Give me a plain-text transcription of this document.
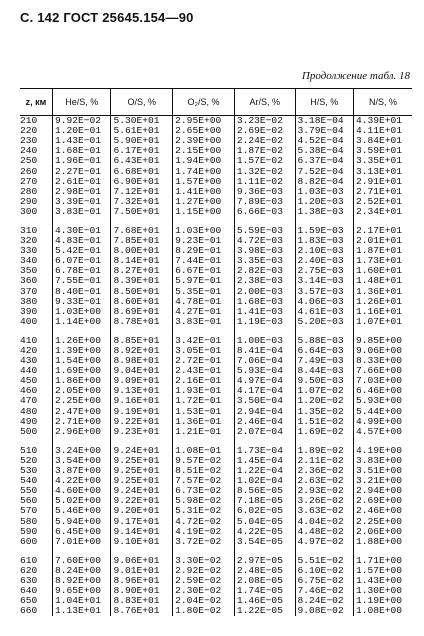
С. 142 ГОСТ 25645.154—90
Продолжение табл. 18
z, км	He/S, %	O/S, %	O₂/S, %	Ar/S, %	H/S, %	N/S, %
210	9.92E−02	5.30E+01	2.95E+00	3.23E−02	3.18E−04	4.39E+01
220	1.20E−01	5.61E+01	2.65E+00	2.69E−02	3.79E−04	4.11E+01
230	1.43E−01	5.90E+01	2.39E+00	2.24E−02	4.52E−04	3.84E+01
240	1.68E−01	6.17E+01	2.15E+00	1.87E−02	5.38E−04	3.59E+01
250	1.96E−01	6.43E+01	1.94E+00	1.57E−02	6.37E−04	3.35E+01
260	2.27E−01	6.68E+01	1.74E+00	1.32E−02	7.52E−04	3.13E+01
270	2.61E−01	6.90E+01	1.57E+00	1.11E−02	8.82E−04	2.91E+01
280	2.98E−01	7.12E+01	1.41E+00	9.36E−03	1.03E−03	2.71E+01
290	3.39E−01	7.32E+01	1.27E+00	7.89E−03	1.20E−03	2.52E+01
300	3.83E−01	7.50E+01	1.15E+00	6.66E−03	1.38E−03	2.34E+01

310	4.30E−01	7.68E+01	1.03E+00	5.59E−03	1.59E−03	2.17E+01
320	4.83E−01	7.85E+01	9.23E−01	4.72E−03	1.83E−03	2.01E+01
330	5.42E−01	8.00E+01	8.29E−01	3.98E−03	2.10E−03	1.87E+01
340	6.07E−01	8.14E+01	7.44E−01	3.35E−03	2.40E−03	1.73E+01
350	6.78E−01	8.27E+01	6.67E−01	2.82E−03	2.75E−03	1.60E+01
360	7.55E−01	8.39E+01	5.97E−01	2.38E−03	3.14E−03	1.48E+01
370	8.40E−01	8.50E+01	5.35E−01	2.00E−03	3.57E−03	1.36E+01
380	9.33E−01	8.60E+01	4.78E−01	1.68E−03	4.06E−03	1.26E+01
390	1.03E+00	8.69E+01	4.27E−01	1.41E−03	4.61E−03	1.16E+01
400	1.14E+00	8.78E+01	3.83E−01	1.19E−03	5.20E−03	1.07E+01

410	1.26E+00	8.85E+01	3.42E−01	1.00E−03	5.88E−03	9.85E+00
420	1.39E+00	8.92E+01	3.05E−01	8.41E−04	6.64E−03	9.06E+00
430	1.54E+00	8.98E+01	2.72E−01	7.06E−04	7.49E−03	8.33E+00
440	1.69E+00	9.04E+01	2.43E−01	5.93E−04	8.44E−03	7.66E+00
450	1.86E+00	9.09E+01	2.16E−01	4.97E−04	9.50E−03	7.03E+00
460	2.05E+00	9.13E+01	1.93E−01	4.17E−04	1.07E−02	6.46E+00
470	2.25E+00	9.16E+01	1.72E−01	3.50E−04	1.20E−02	5.93E+00
480	2.47E+00	9.19E+01	1.53E−01	2.94E−04	1.35E−02	5.44E+00
490	2.71E+00	9.22E+01	1.36E−01	2.46E−04	1.51E−02	4.99E+00
500	2.96E+00	9.23E+01	1.21E−01	2.07E−04	1.69E−02	4.57E+00

510	3.24E+00	9.24E+01	1.08E−01	1.73E−04	1.89E−02	4.19E+00
520	3.54E+00	9.25E+01	9.57E−02	1.45E−04	2.11E−02	3.83E+00
530	3.87E+00	9.25E+01	8.51E−02	1.22E−04	2.36E−02	3.51E+00
540	4.22E+00	9.25E+01	7.57E−02	1.02E−04	2.63E−02	3.21E+00
550	4.60E+00	9.24E+01	6.73E−02	8.56E−05	2.93E−02	2.94E+00
560	5.02E+00	9.22E+01	5.98E−02	7.18E−05	3.26E−02	2.69E+00
570	5.46E+00	9.20E+01	5.31E−02	6.02E−05	3.63E−02	2.46E+00
580	5.94E+00	9.17E+01	4.72E−02	5.04E−05	4.04E−02	2.25E+00
590	6.45E+00	9.14E+01	4.19E−02	4.22E−05	4.48E−02	2.06E+00
600	7.01E+00	9.10E+01	3.72E−02	3.54E−05	4.97E−02	1.88E+00

610	7.60E+00	9.06E+01	3.30E−02	2.97E−05	5.51E−02	1.71E+00
620	8.24E+00	9.01E+01	2.92E−02	2.48E−05	6.10E−02	1.57E+00
630	8.92E+00	8.96E+01	2.59E−02	2.08E−05	6.75E−02	1.43E+00
640	9.65E+00	8.90E+01	2.30E−02	1.74E−05	7.46E−02	1.30E+00
650	1.04E+01	8.83E+01	2.04E−02	1.46E−05	8.24E−02	1.19E+00
660	1.13E+01	8.76E+01	1.80E−02	1.22E−05	9.08E−02	1.08E+00
